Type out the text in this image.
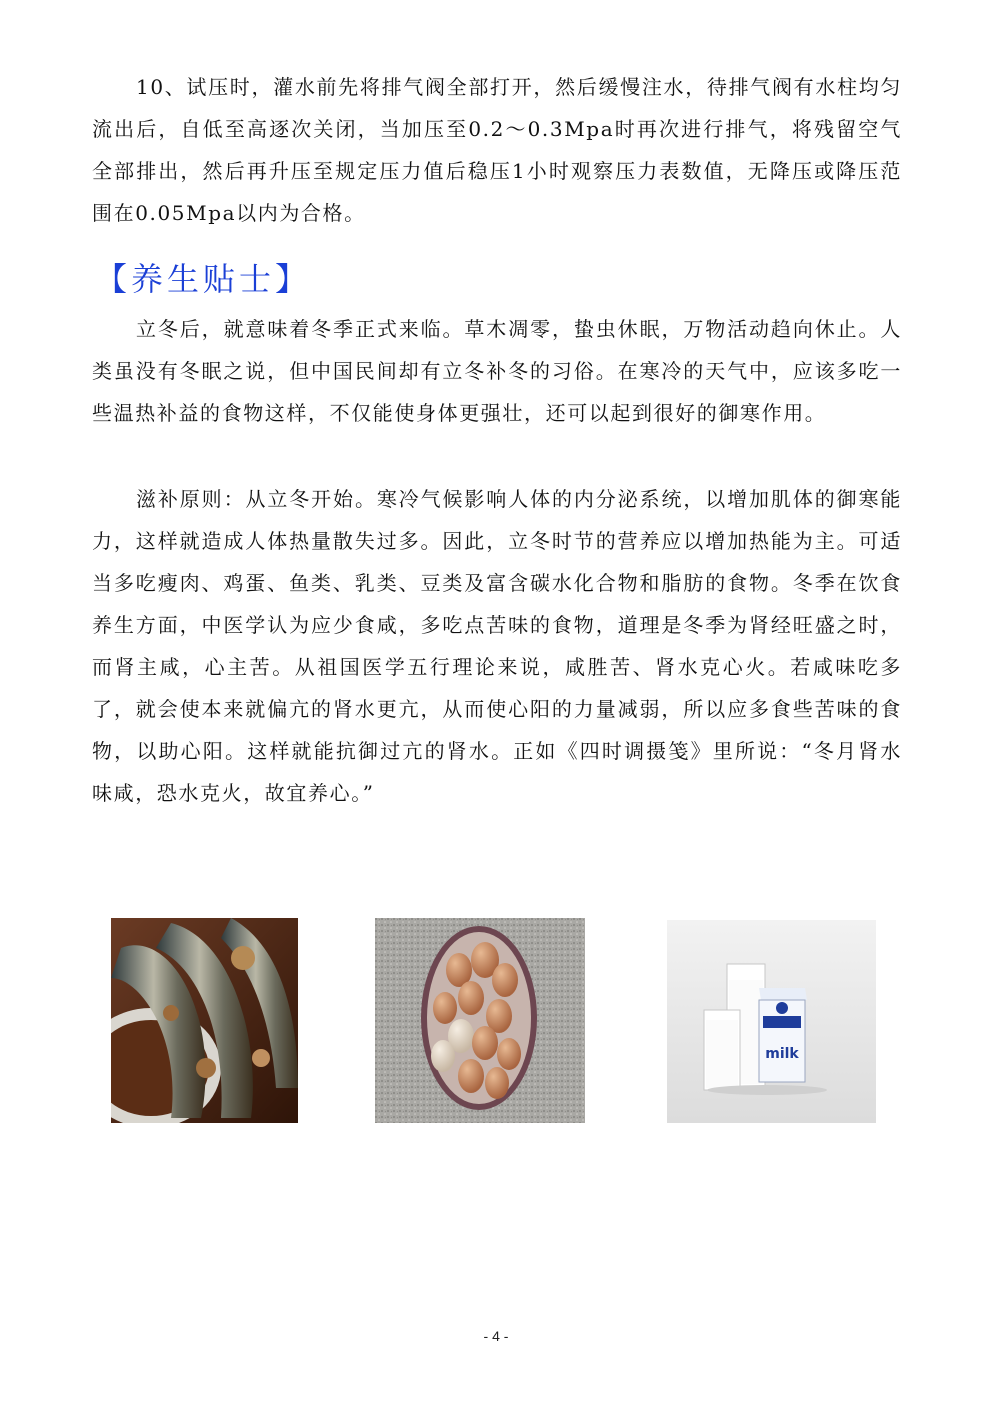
10、试压时，灌水前先将排气阀全部打开，然后缓慢注水，待排气阀有水柱均匀流出后，自低至高逐次关闭，当加压至0.2～0.3Mpa时再次进行排气，将残留空气全部排出，然后再升压至规定压力值后稳压1小时观察压力表数值，无降压或降压范围在0.05Mpa以内为合格。

【养生贴士】

立冬后，就意味着冬季正式来临。草木凋零，蛰虫休眠，万物活动趋向休止。人类虽没有冬眠之说，但中国民间却有立冬补冬的习俗。在寒冷的天气中，应该多吃一些温热补益的食物这样，不仅能使身体更强壮，还可以起到很好的御寒作用。

滋补原则：从立冬开始。寒冷气候影响人体的内分泌系统，以增加肌体的御寒能力，这样就造成人体热量散失过多。因此，立冬时节的营养应以增加热能为主。可适当多吃瘦肉、鸡蛋、鱼类、乳类、豆类及富含碳水化合物和脂肪的食物。冬季在饮食养生方面，中医学认为应少食咸，多吃点苦味的食物，道理是冬季为肾经旺盛之时，而肾主咸，心主苦。从祖国医学五行理论来说，咸胜苦、肾水克心火。若咸味吃多了，就会使本来就偏亢的肾水更亢，从而使心阳的力量减弱，所以应多食些苦味的食物，以助心阳。这样就能抗御过亢的肾水。正如《四时调摄笺》里所说：“冬月肾水味咸，恐水克火，故宜养心。”

milk
- 4 -
